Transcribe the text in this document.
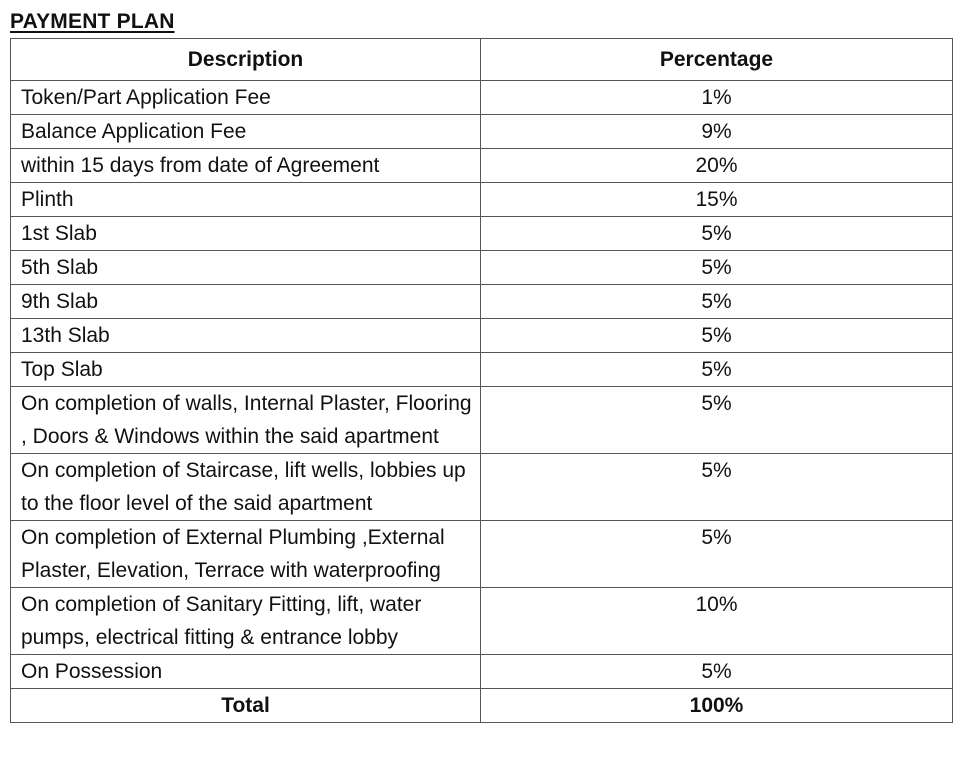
PAYMENT PLAN
Description	Percentage
Token/Part Application Fee	1%
Balance Application Fee	9%
within 15 days from date of Agreement	20%
Plinth	15%
1st Slab	5%
5th Slab	5%
9th Slab	5%
13th Slab	5%
Top Slab	5%
On completion of walls, Internal Plaster, Flooring , Doors & Windows within the said apartment	5%
On completion of Staircase, lift wells, lobbies up to the floor level of the said apartment	5%
On completion of External Plumbing ,External Plaster, Elevation, Terrace with waterproofing	5%
On completion of Sanitary Fitting, lift, water pumps, electrical fitting & entrance lobby	10%
On Possession	5%
Total	100%
